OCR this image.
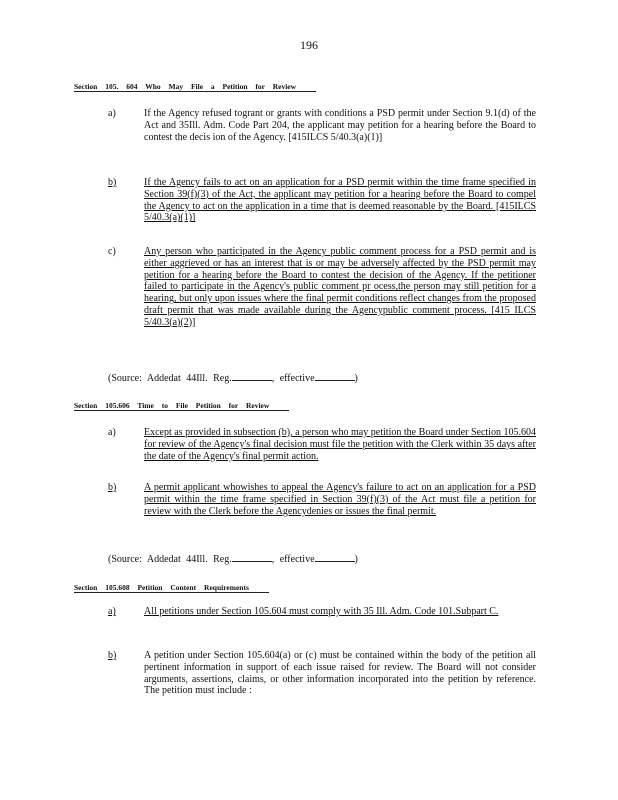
196
Section 105. 604 Who May File a Petition for Review
a)	If the Agency refused togrant or grants with conditions a PSD permit under Section 9.1(d) of the Act and 35Ill. Adm. Code Part 204, the applicant may petition for a hearing before the Board to contest the decis ion of the Agency. [415ILCS 5/40.3(a)(1)]
b)	If the Agency fails to act on an application for a PSD permit within the time frame specified in Section 39(f)(3) of the Act, the applicant may petition for a hearing before the Board to compel the Agency to act on the application in a time that is deemed reasonable by the Board. [415ILCS 5/40.3(a)(1)]
c)	Any person who participated in the Agency public comment process for a PSD permit and is either aggrieved or has an interest that is or may be adversely affected by the PSD permit may petition for a hearing before the Board to contest the decision of the Agency. If the petitioner failed to participate in the Agency's public comment pr ocess,the person may still petition for a hearing, but only upon issues where the final permit conditions reflect changes from the proposed draft permit that was made available during the Agencypublic comment process. [415 ILCS 5/40.3(a)(2)]
(Source: Addedat 44Ill. Reg.	, effective	)
Section 105.606 Time to File Petition for Review
a)	Except as provided in subsection (b), a person who may petition the Board under Section 105.604 for review of the Agency's final decision must file the petition with the Clerk within 35 days after the date of the Agency's final permit action.
b)	A permit applicant whowishes to appeal the Agency's failure to act on an application for a PSD permit within the time frame specified in Section 39(f)(3) of the Act must file a petition for review with the Clerk before the Agencydenies or issues the final permit.
(Source: Addedat 44Ill. Reg.	, effective	)
Section 105.608 Petition Content Requirements
a)	All petitions under Section 105.604 must comply with 35 Ill. Adm. Code 101.Subpart C.
b)	A petition under Section 105.604(a) or (c) must be contained within the body of the petition all pertinent information in support of each issue raised for review. The Board will not consider arguments, assertions, claims, or other information incorporated into the petition by reference. The petition must include :
